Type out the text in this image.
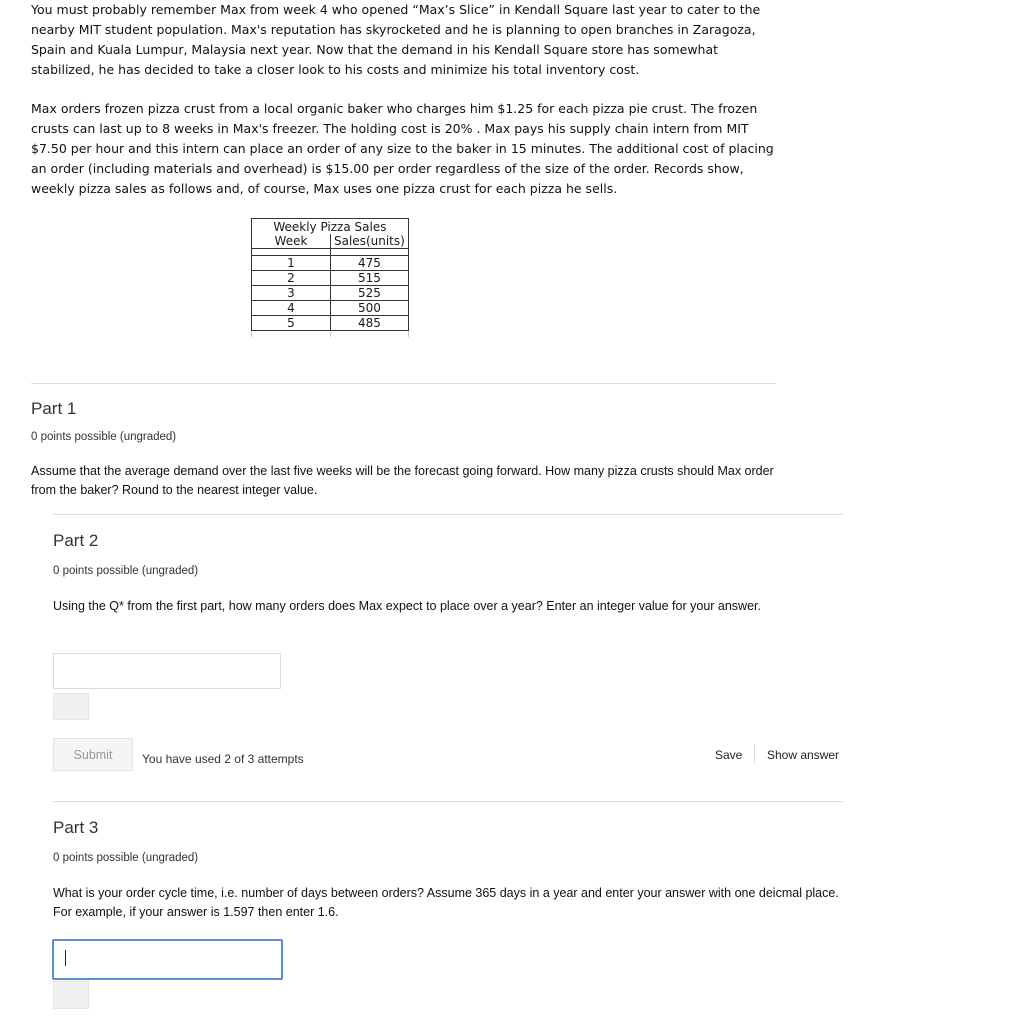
You must probably remember Max from week 4 who opened “Max’s Slice” in Kendall Square last year to cater to the nearby MIT student population. Max's reputation has skyrocketed and he is planning to open branches in Zaragoza, Spain and Kuala Lumpur, Malaysia next year. Now that the demand in his Kendall Square store has somewhat stabilized, he has decided to take a closer look to his costs and minimize his total inventory cost.

Max orders frozen pizza crust from a local organic baker who charges him $1.25 for each pizza pie crust. The frozen crusts can last up to 8 weeks in Max's freezer. The holding cost is 20% . Max pays his supply chain intern from MIT $7.50 per hour and this intern can place an order of any size to the baker in 15 minutes. The additional cost of placing an order (including materials and overhead) is $15.00 per order regardless of the size of the order. Records show, weekly pizza sales as follows and, of course, Max uses one pizza crust for each pizza he sells.

Weekly Pizza Sales	
Week	Sales(units)

1	475
2	515
3	525
4	500
5	485

Part 1
0 points possible (ungraded)
Assume that the average demand over the last five weeks will be the forecast going forward. How many pizza crusts should Max order from the baker? Round to the nearest integer value.
Part 2
0 points possible (ungraded)
Using the Q* from the first part, how many orders does Max expect to place over a year? Enter an integer value for your answer.
Submit	You have used 2 of 3 attempts	Save Show answer
Part 3
0 points possible (ungraded)
What is your order cycle time, i.e. number of days between orders? Assume 365 days in a year and enter your answer with one deicmal place. For example, if your answer is 1.597 then enter 1.6.
